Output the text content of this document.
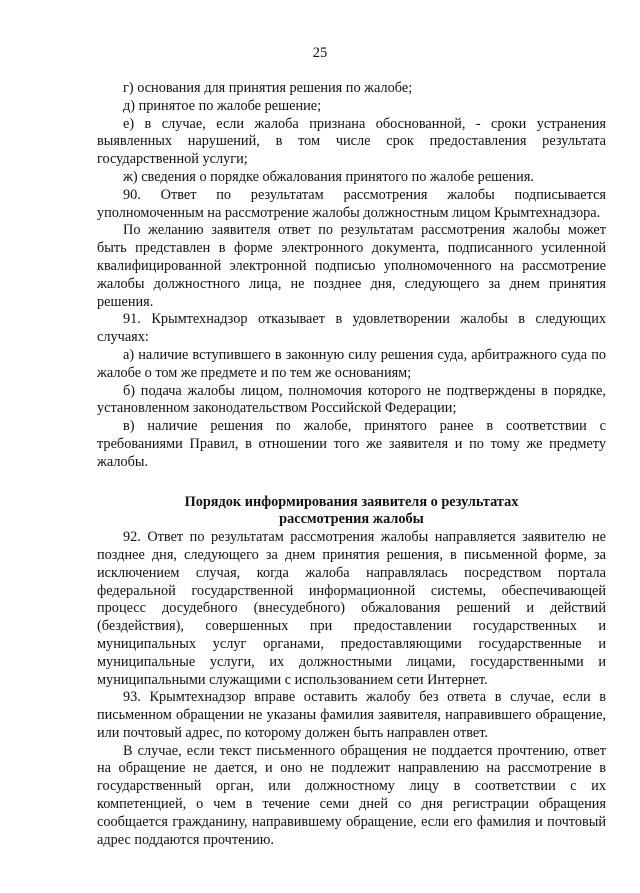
25

г) основания для принятия решения по жалобе;

д) принятое по жалобе решение;

е) в случае, если жалоба признана обоснованной, - сроки устранения выявленных нарушений, в том числе срок предоставления результата государственной услуги;

ж) сведения о порядке обжалования принятого по жалобе решения.

90. Ответ по результатам рассмотрения жалобы подписывается уполномоченным на рассмотрение жалобы должностным лицом Крымтехнадзора.

По желанию заявителя ответ по результатам рассмотрения жалобы может быть представлен в форме электронного документа, подписанного усиленной квалифицированной электронной подписью уполномоченного на рассмотрение жалобы должностного лица, не позднее дня, следующего за днем принятия решения.

91. Крымтехнадзор отказывает в удовлетворении жалобы в следующих случаях:

а) наличие вступившего в законную силу решения суда, арбитражного суда по жалобе о том же предмете и по тем же основаниям;

б) подача жалобы лицом, полномочия которого не подтверждены в порядке, установленном законодательством Российской Федерации;

в) наличие решения по жалобе, принятого ранее в соответствии с требованиями Правил, в отношении того же заявителя и по тому же предмету жалобы.

Порядок информирования заявителя о результатах
рассмотрения жалобы

92. Ответ по результатам рассмотрения жалобы направляется заявителю не позднее дня, следующего за днем принятия решения, в письменной форме, за исключением случая, когда жалоба направлялась посредством портала федеральной государственной информационной системы, обеспечивающей процесс досудебного (внесудебного) обжалования решений и действий (бездействия), совершенных при предоставлении государственных и муниципальных услуг органами, предоставляющими государственные и муниципальные услуги, их должностными лицами, государственными и муниципальными служащими с использованием сети Интернет.

93. Крымтехнадзор вправе оставить жалобу без ответа в случае, если в письменном обращении не указаны фамилия заявителя, направившего обращение, или почтовый адрес, по которому должен быть направлен ответ.

В случае, если текст письменного обращения не поддается прочтению, ответ на обращение не дается, и оно не подлежит направлению на рассмотрение в государственный орган, или должностному лицу в соответствии с их компетенцией, о чем в течение семи дней со дня регистрации обращения сообщается гражданину, направившему обращение, если его фамилия и почтовый адрес поддаются прочтению.
